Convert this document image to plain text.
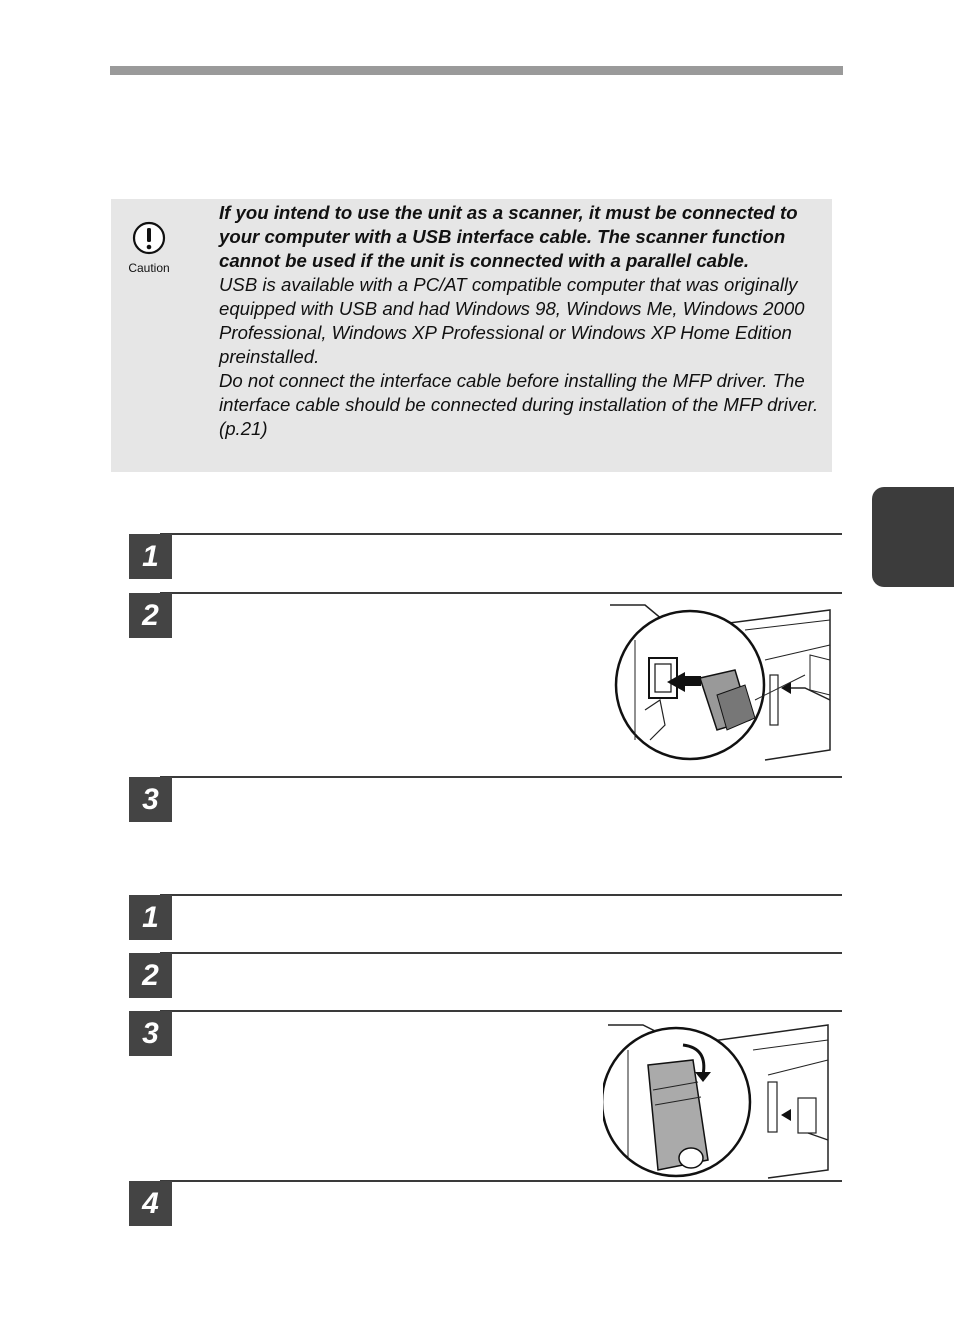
Caution

If you intend to use the unit as a scanner, it must be connected to your computer with a USB interface cable. The scanner function cannot be used if the unit is connected with a parallel cable.

USB is available with a PC/AT compatible computer that was originally equipped with USB and had Windows 98, Windows Me, Windows 2000 Professional, Windows XP Professional or Windows XP Home Edition preinstalled.

Do not connect the interface cable before installing the MFP driver. The interface cable should be connected during installation of the MFP driver. (p.21)

1
2
3
1
2
3
4
